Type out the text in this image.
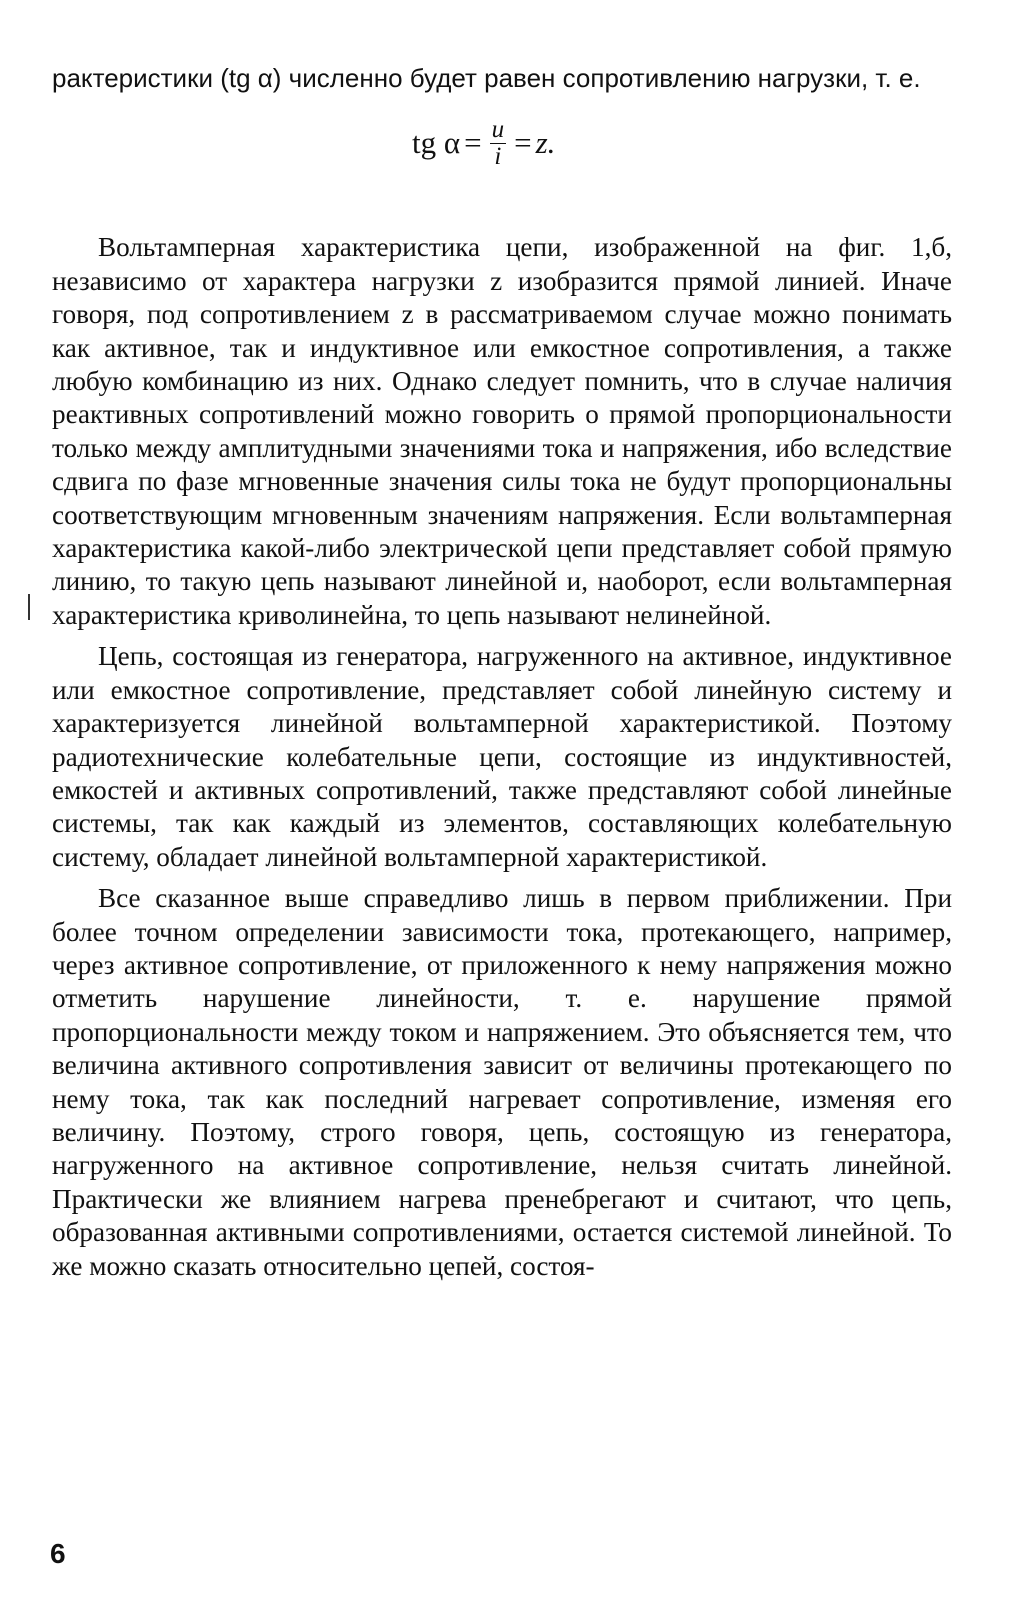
рактеристики (tg α) численно будет равен сопротивлению нагрузки, т. е.

tg $\alpha = \frac{u}{i} = z$.

Вольтамперная характеристика цепи, изображенной на фиг. 1,б, независимо от характера нагрузки z изобразится прямой линией. Иначе говоря, под сопротивлением z в рассматриваемом случае можно понимать как активное, так и индуктивное или емкостное сопротивления, а также любую комбинацию из них. Однако следует помнить, что в случае наличия реактивных сопротивлений можно говорить о прямой пропорциональности только между амплитудными значениями тока и напряжения, ибо вследствие сдвига по фазе мгновенные значения силы тока не будут пропорциональны соответствующим мгновенным значениям напряжения. Если вольтамперная характеристика какой-либо электрической цепи представляет собой прямую линию, то такую цепь называют линейной и, наоборот, если вольтамперная характеристика криволинейна, то цепь называют нелинейной.

Цепь, состоящая из генератора, нагруженного на активное, индуктивное или емкостное сопротивление, представляет собой линейную систему и характеризуется линейной вольтамперной характеристикой. Поэтому радиотехнические колебательные цепи, состоящие из индуктивностей, емкостей и активных сопротивлений, также представляют собой линейные системы, так как каждый из элементов, составляющих колебательную систему, обладает линейной вольтамперной характеристикой.

Все сказанное выше справедливо лишь в первом приближении. При более точном определении зависимости тока, протекающего, например, через активное сопротивление, от приложенного к нему напряжения можно отметить нарушение линейности, т. е. нарушение прямой пропорциональности между током и напряжением. Это объясняется тем, что величина активного сопротивления зависит от величины протекающего по нему тока, так как последний нагревает сопротивление, изменяя его величину. Поэтому, строго говоря, цепь, состоящую из генератора, нагруженного на активное сопротивление, нельзя считать линейной. Практически же влиянием нагрева пренебрегают и считают, что цепь, образованная активными сопротивлениями, остается системой линейной. То же можно сказать относительно цепей, состоя-

6
